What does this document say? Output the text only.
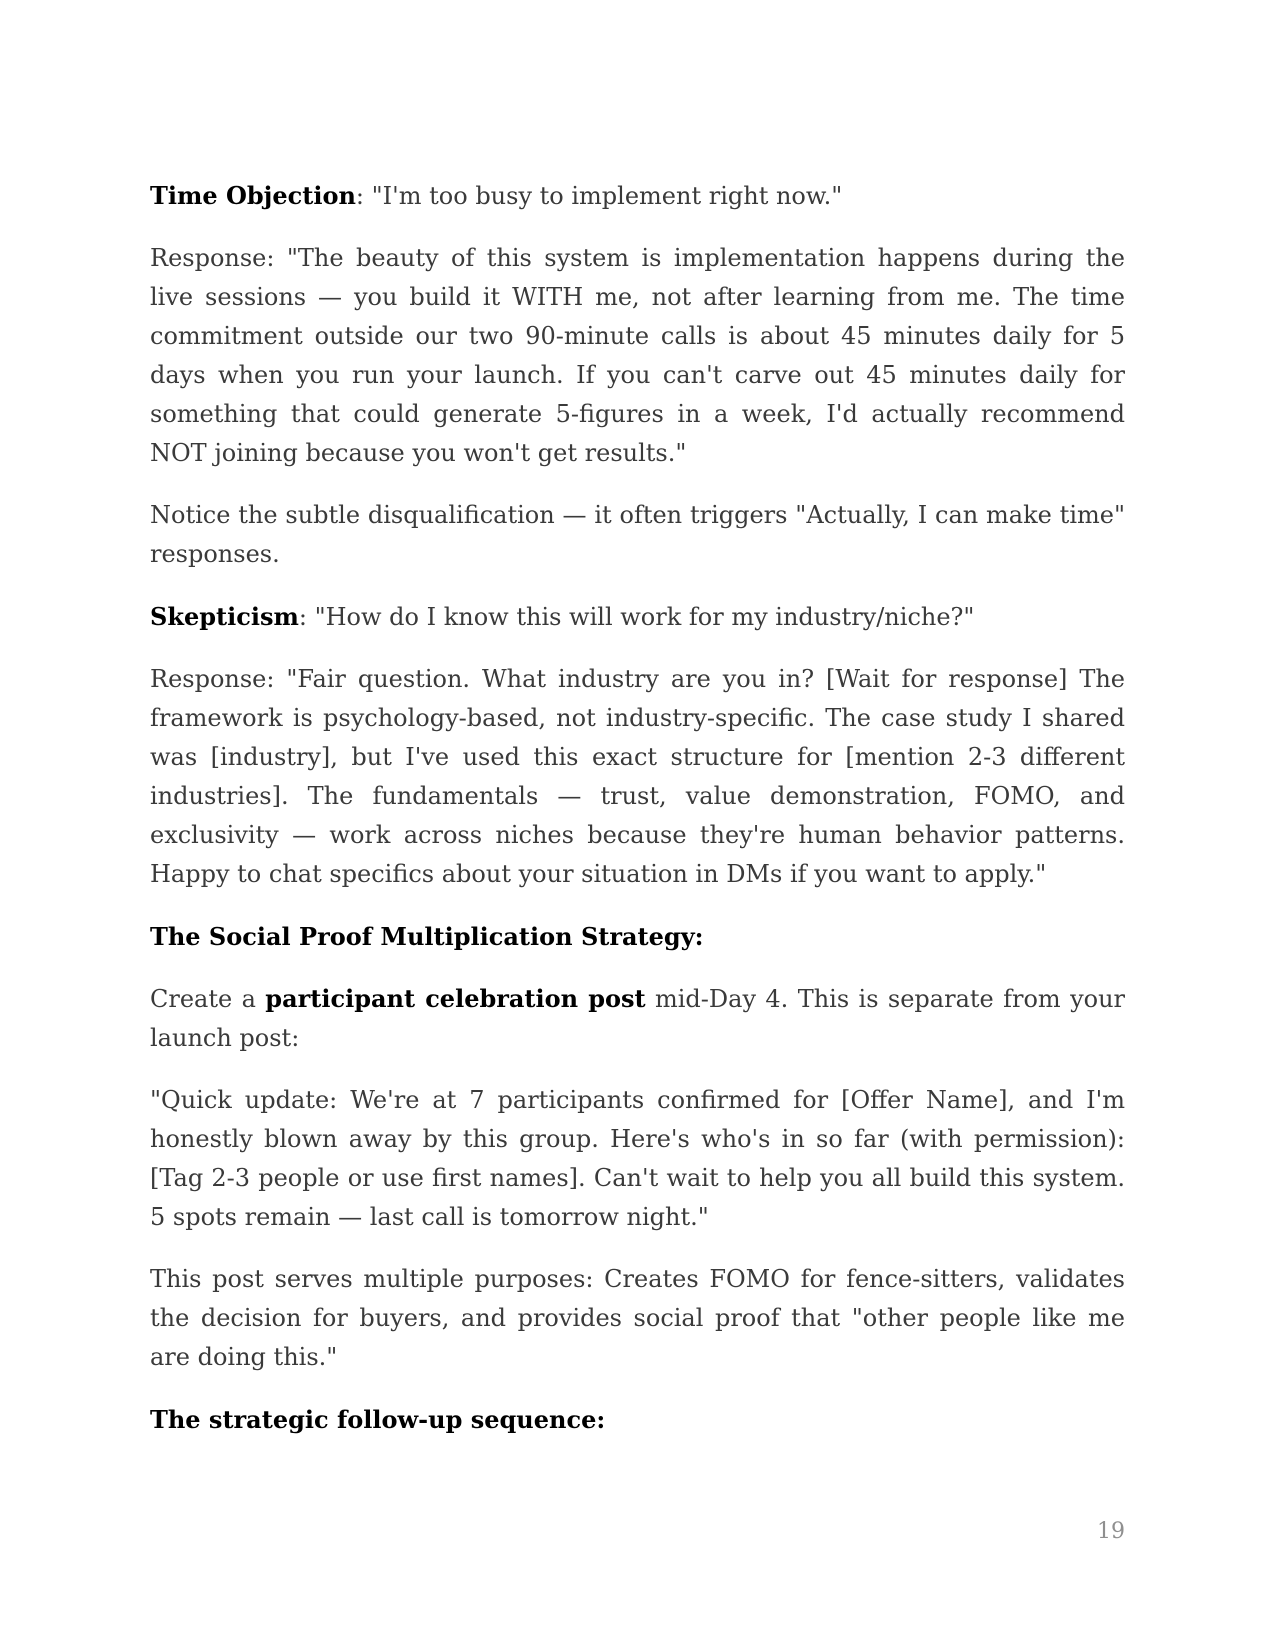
Time Objection: "I'm too busy to implement right now."

Response: "The beauty of this system is implementation happens during the live sessions — you build it WITH me, not after learning from me. The time commitment outside our two 90-minute calls is about 45 minutes daily for 5 days when you run your launch. If you can't carve out 45 minutes daily for something that could generate 5-figures in a week, I'd actually recommend NOT joining because you won't get results."

Notice the subtle disqualification — it often triggers "Actually, I can make time" responses.

Skepticism: "How do I know this will work for my industry/niche?"

Response: "Fair question. What industry are you in? [Wait for response] The framework is psychology-based, not industry-specific. The case study I shared was [industry], but I've used this exact structure for [mention 2-3 different industries]. The fundamentals — trust, value demonstration, FOMO, and exclusivity — work across niches because they're human behavior patterns. Happy to chat specifics about your situation in DMs if you want to apply."

The Social Proof Multiplication Strategy:

Create a participant celebration post mid-Day 4. This is separate from your launch post:

"Quick update: We're at 7 participants confirmed for [Offer Name], and I'm honestly blown away by this group. Here's who's in so far (with permission): [Tag 2-3 people or use first names]. Can't wait to help you all build this system. 5 spots remain — last call is tomorrow night."

This post serves multiple purposes: Creates FOMO for fence-sitters, validates the decision for buyers, and provides social proof that "other people like me are doing this."

The strategic follow-up sequence:

19
